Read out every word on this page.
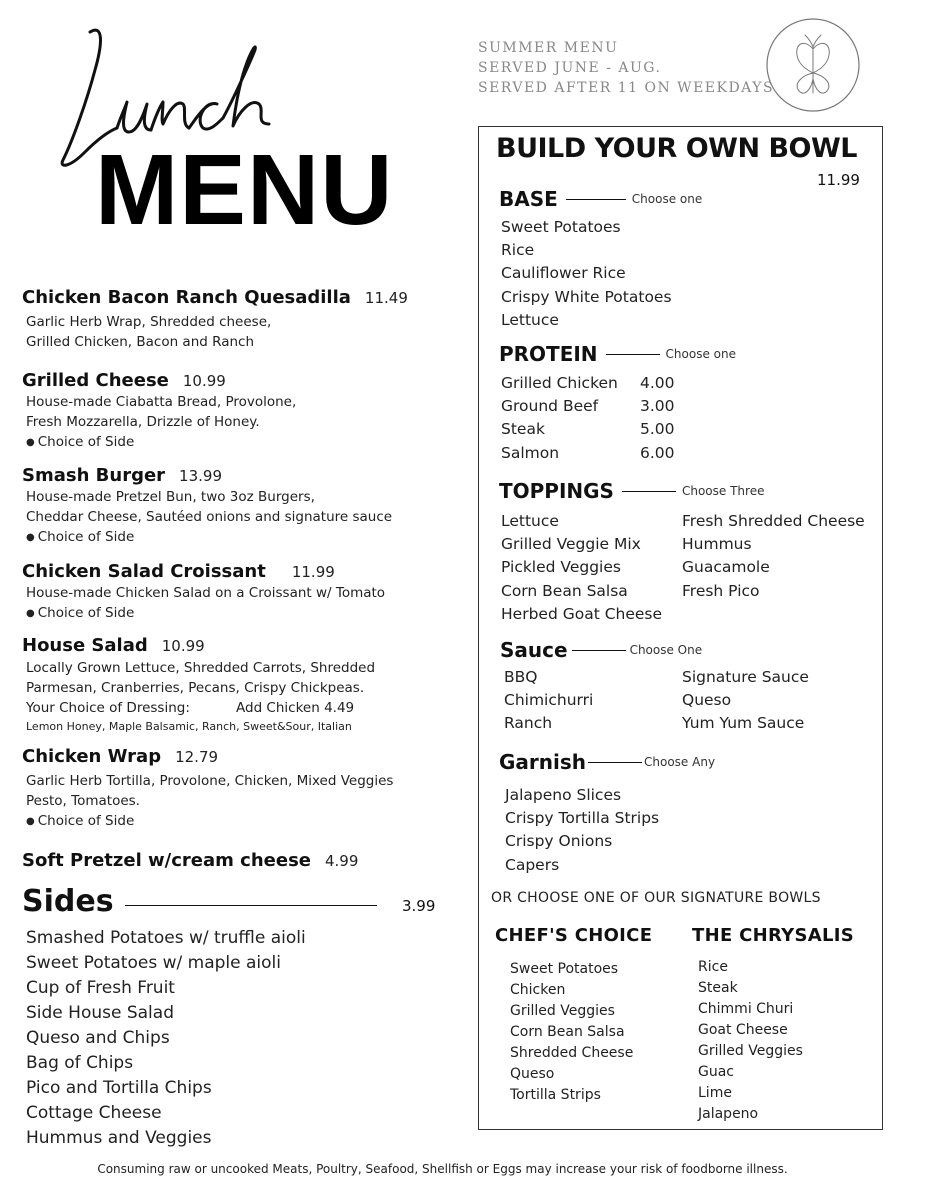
MENU
SUMMER MENU
SERVED JUNE - AUG.
SERVED AFTER 11 ON WEEKDAYS
Chicken Bacon Ranch Quesadilla 11.49
Garlic Herb Wrap, Shredded cheese,
Grilled Chicken, Bacon and Ranch
Grilled Cheese 10.99
House-made Ciabatta Bread, Provolone,
Fresh Mozzarella, Drizzle of Honey.
● Choice of Side
Smash Burger 13.99
House-made Pretzel Bun, two 3oz Burgers,
Cheddar Cheese, Sautéed onions and signature sauce
● Choice of Side
Chicken Salad Croissant 11.99
House-made Chicken Salad on a Croissant w/ Tomato
● Choice of Side
House Salad 10.99
Locally Grown Lettuce, Shredded Carrots, Shredded
Parmesan, Cranberries, Pecans, Crispy Chickpeas.
Your Choice of Dressing:	Add Chicken 4.49
Lemon Honey, Maple Balsamic, Ranch, Sweet&Sour, Italian
Chicken Wrap 12.79
Garlic Herb Tortilla, Provolone, Chicken, Mixed Veggies
Pesto, Tomatoes.
● Choice of Side
Soft Pretzel w/cream cheese 4.99
Sides	3.99
Smashed Potatoes w/ truffle aioli
Sweet Potatoes w/ maple aioli
Cup of Fresh Fruit
Side House Salad
Queso and Chips
Bag of Chips
Pico and Tortilla Chips
Cottage Cheese
Hummus and Veggies
BUILD YOUR OWN BOWL
11.99
BASE	Choose one
Sweet Potatoes
Rice
Cauliflower Rice
Crispy White Potatoes
Lettuce
PROTEIN	Choose one
Grilled Chicken	4.00
Ground Beef	3.00
Steak	5.00
Salmon	6.00
TOPPINGS	Choose Three
Lettuce
Grilled Veggie Mix
Pickled Veggies
Corn Bean Salsa
Herbed Goat Cheese
Fresh Shredded Cheese
Hummus
Guacamole
Fresh Pico
Sauce	Choose One
BBQ
Chimichurri
Ranch
Signature Sauce
Queso
Yum Yum Sauce
Garnish	Choose Any
Jalapeno Slices
Crispy Tortilla Strips
Crispy Onions
Capers
OR CHOOSE ONE OF OUR SIGNATURE BOWLS
CHEF'S CHOICE
Sweet Potatoes
Chicken
Grilled Veggies
Corn Bean Salsa
Shredded Cheese
Queso
Tortilla Strips
THE CHRYSALIS
Rice
Steak
Chimmi Churi
Goat Cheese
Grilled Veggies
Guac
Lime
Jalapeno
Consuming raw or uncooked Meats, Poultry, Seafood, Shellfish or Eggs may increase your risk of foodborne illness.
